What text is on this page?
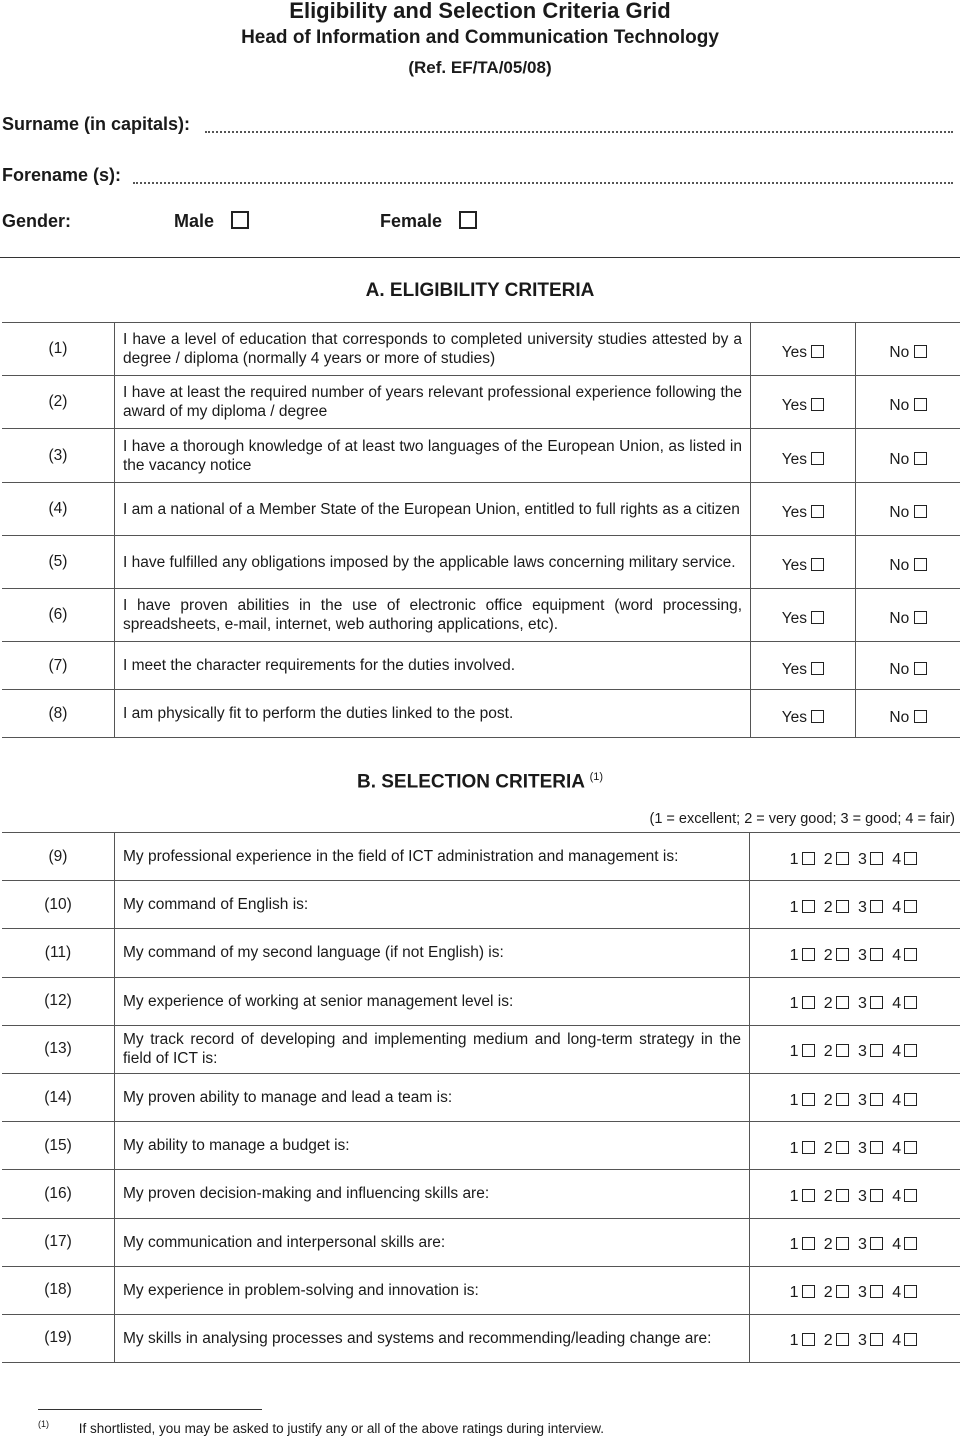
Eligibility and Selection Criteria Grid
Head of Information and Communication Technology
(Ref. EF/TA/05/08)
Surname (in capitals):
Forename (s):
Gender:	Male	Female
A. ELIGIBILITY CRITERIA
(1)	I have a level of education that corresponds to completed university studies attested by a degree / diploma (normally 4 years or more of studies)	Yes	No
(2)	I have at least the required number of years relevant professional experience following the award of my diploma / degree	Yes	No
(3)	I have a thorough knowledge of at least two languages of the European Union, as listed in the vacancy notice	Yes	No
(4)	I am a national of a Member State of the European Union, entitled to full rights as a citizen	Yes	No
(5)	I have fulfilled any obligations imposed by the applicable laws concerning military service.	Yes	No
(6)	I have proven abilities in the use of electronic office equipment (word processing, spreadsheets, e-mail, internet, web authoring applications, etc).	Yes	No
(7)	I meet the character requirements for the duties involved.	Yes	No
(8)	I am physically fit to perform the duties linked to the post.	Yes	No
B. SELECTION CRITERIA $^{(1)}$
(1 = excellent; 2 = very good; 3 = good; 4 = fair)
(9)	My professional experience in the field of ICT administration and management is:	1 2 3 4
(10)	My command of English is:	1 2 3 4
(11)	My command of my second language (if not English) is:	1 2 3 4
(12)	My experience of working at senior management level is:	1 2 3 4
(13)	My track record of developing and implementing medium and long-term strategy in the field of ICT is:	1 2 3 4
(14)	My proven ability to manage and lead a team is:	1 2 3 4
(15)	My ability to manage a budget is:	1 2 3 4
(16)	My proven decision-making and influencing skills are:	1 2 3 4
(17)	My communication and interpersonal skills are:	1 2 3 4
(18)	My experience in problem-solving and innovation is:	1 2 3 4
(19)	My skills in analysing processes and systems and recommending/leading change are:	1 2 3 4
$^{(1)}$ If shortlisted, you may be asked to justify any or all of the above ratings during interview.
